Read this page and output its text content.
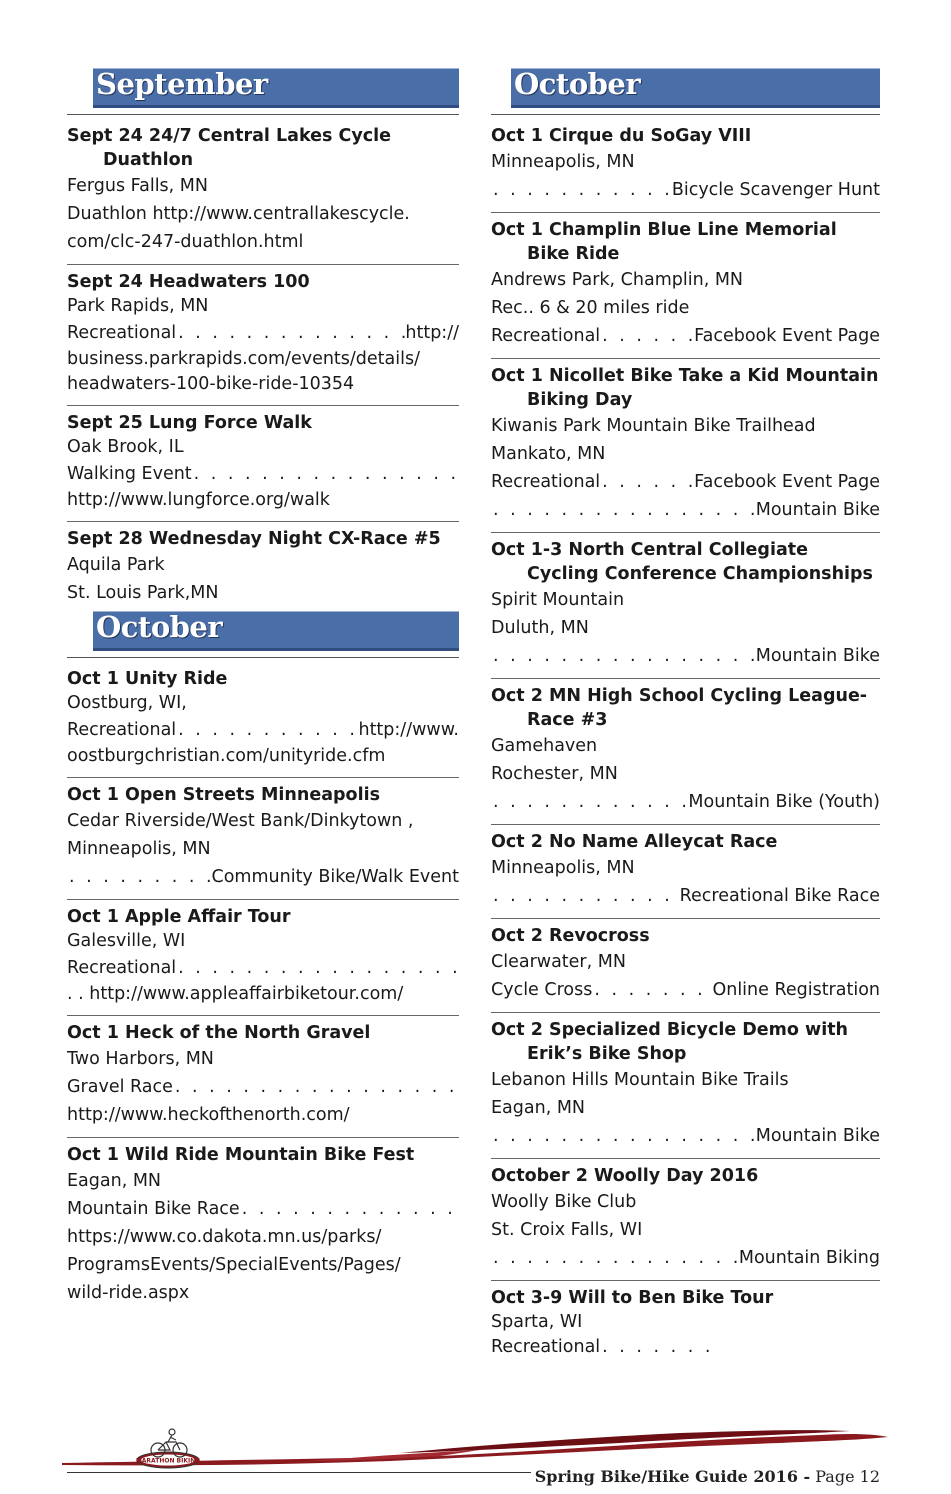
September
Sept 24 24/7 Central Lakes Cycle Duathlon
Fergus Falls, MN
Duathlon http://www.centrallakescycle.
com/clc-247-duathlon.html
Sept 24 Headwaters 100
Park Rapids, MN
Recreational . . .	http://
business.parkrapids.com/events/details/
headwaters-100-bike-ride-10354
Sept 25 Lung Force Walk
Oak Brook, IL
Walking Event
. . .
http://www.lungforce.org/walk
Sept 28 Wednesday Night CX-Race #5
Aquila Park
St. Louis Park,MN
October
Oct 1 Unity Ride
Oostburg, WI,
Recreational . . .	http://www.
oostburgchristian.com/unityride.cfm
Oct 1 Open Streets Minneapolis
Cedar Riverside/West Bank/Dinkytown ,
Minneapolis, MN
. . .
Community Bike/Walk Event
Oct 1 Apple Affair Tour
Galesville, WI
Recreational
. . .
. . http://www.appleaffairbiketour.com/
Oct 1 Heck of the North Gravel
Two Harbors, MN
Gravel Race
. . .
http://www.heckofthenorth.com/
Oct 1 Wild Ride Mountain Bike Fest
Eagan, MN
Mountain Bike Race
. . .
https://www.co.dakota.mn.us/parks/
ProgramsEvents/SpecialEvents/Pages/
wild-ride.aspx
October
Oct 1 Cirque du SoGay VIII
Minneapolis, MN
. . .
Bicycle Scavenger Hunt
Oct 1 Champlin Blue Line Memorial Bike Ride
Andrews Park, Champlin, MN
Rec.. 6 & 20 miles ride
Recreational . . .	Facebook Event Page
Oct 1 Nicollet Bike Take a Kid Mountain Biking Day
Kiwanis Park Mountain Bike Trailhead
Mankato, MN
Recreational . . .	Facebook Event Page
. . .
Mountain Bike
Oct 1-3 North Central Collegiate Cycling Conference Championships
Spirit Mountain
Duluth, MN
. . .
Mountain Bike
Oct 2 MN High School Cycling League-Race #3
Gamehaven
Rochester, MN
. . .
Mountain Bike (Youth)
Oct 2 No Name Alleycat Race
Minneapolis, MN
. . .
Recreational Bike Race
Oct 2 Revocross
Clearwater, MN
Cycle Cross . . .	Online Registration
Oct 2 Specialized Bicycle Demo with Erik’s Bike Shop
Lebanon Hills Mountain Bike Trails
Eagan, MN
. . .
Mountain Bike
October 2 Woolly Day 2016
Woolly Bike Club
St. Croix Falls, WI
. . .
Mountain Biking
Oct 3-9 Will to Ben Bike Tour
Sparta, WI
Recreational
. . .
MARATHON BIKING
Spring Bike/Hike Guide 2016 - Page 12
